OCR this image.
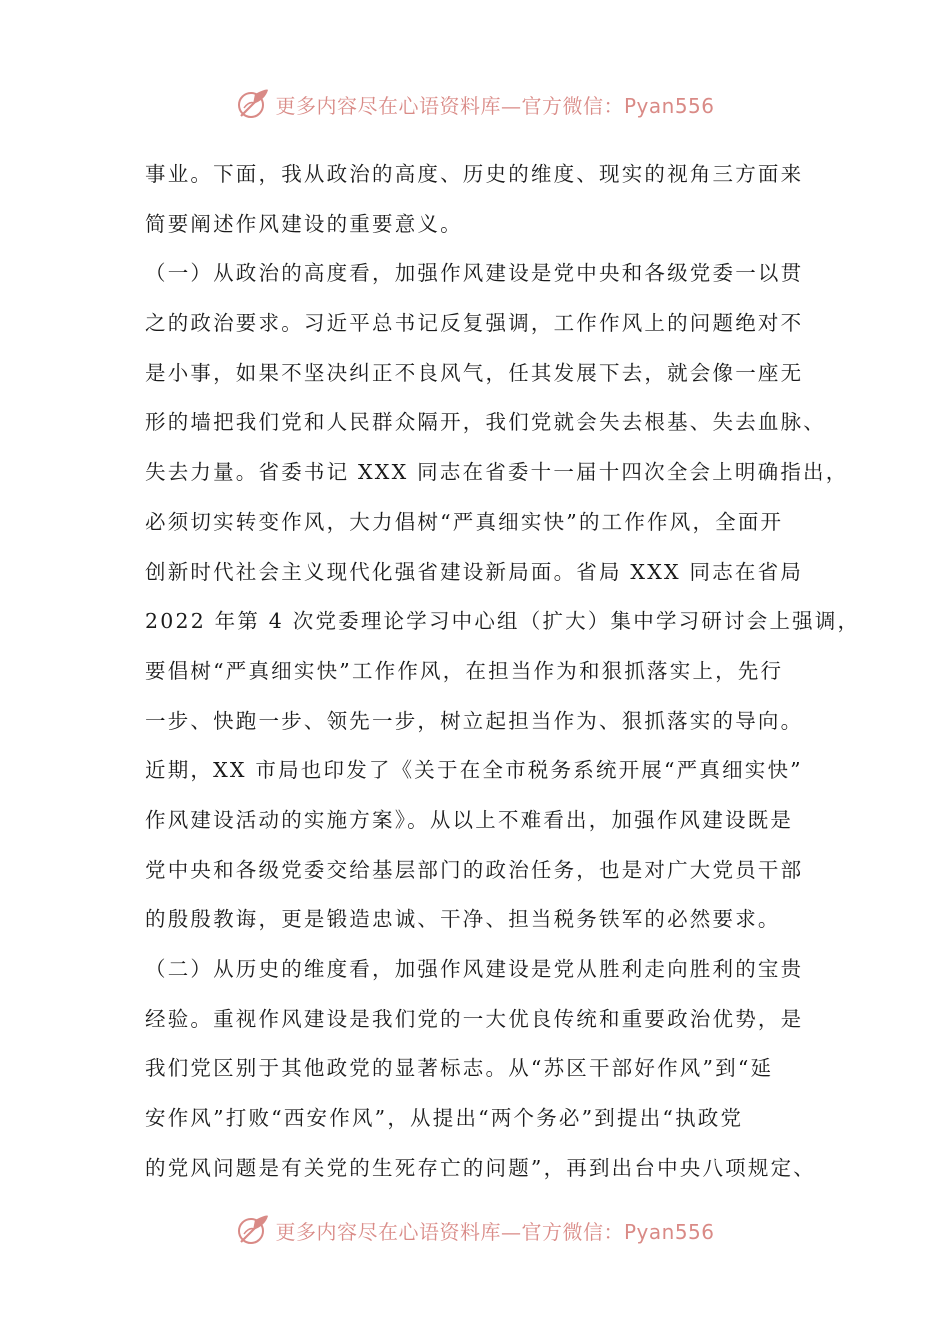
更多内容尽在心语资料库—官方微信：Pyan556
事业。下面，我从政治的高度、历史的维度、现实的视角三方面来
简要阐述作风建设的重要意义。
（一）从政治的高度看，加强作风建设是党中央和各级党委一以贯
之的政治要求。习近平总书记反复强调，工作作风上的问题绝对不
是小事，如果不坚决纠正不良风气，任其发展下去，就会像一座无
形的墙把我们党和人民群众隔开，我们党就会失去根基、失去血脉、
失去力量。省委书记 XXX 同志在省委十一届十四次全会上明确指出，
必须切实转变作风，大力倡树“严真细实快”的工作作风，全面开
创新时代社会主义现代化强省建设新局面。省局 XXX 同志在省局
2022 年第 4 次党委理论学习中心组（扩大）集中学习研讨会上强调，
要倡树“严真细实快”工作作风，在担当作为和狠抓落实上，先行
一步、快跑一步、领先一步，树立起担当作为、狠抓落实的导向。
近期，XX 市局也印发了《关于在全市税务系统开展“严真细实快”
作风建设活动的实施方案》。从以上不难看出，加强作风建设既是
党中央和各级党委交给基层部门的政治任务，也是对广大党员干部
的殷殷教诲，更是锻造忠诚、干净、担当税务铁军的必然要求。
（二）从历史的维度看，加强作风建设是党从胜利走向胜利的宝贵
经验。重视作风建设是我们党的一大优良传统和重要政治优势，是
我们党区别于其他政党的显著标志。从“苏区干部好作风”到“延
安作风”打败“西安作风”，从提出“两个务必”到提出“执政党
的党风问题是有关党的生死存亡的问题”，再到出台中央八项规定、
更多内容尽在心语资料库—官方微信：Pyan556
